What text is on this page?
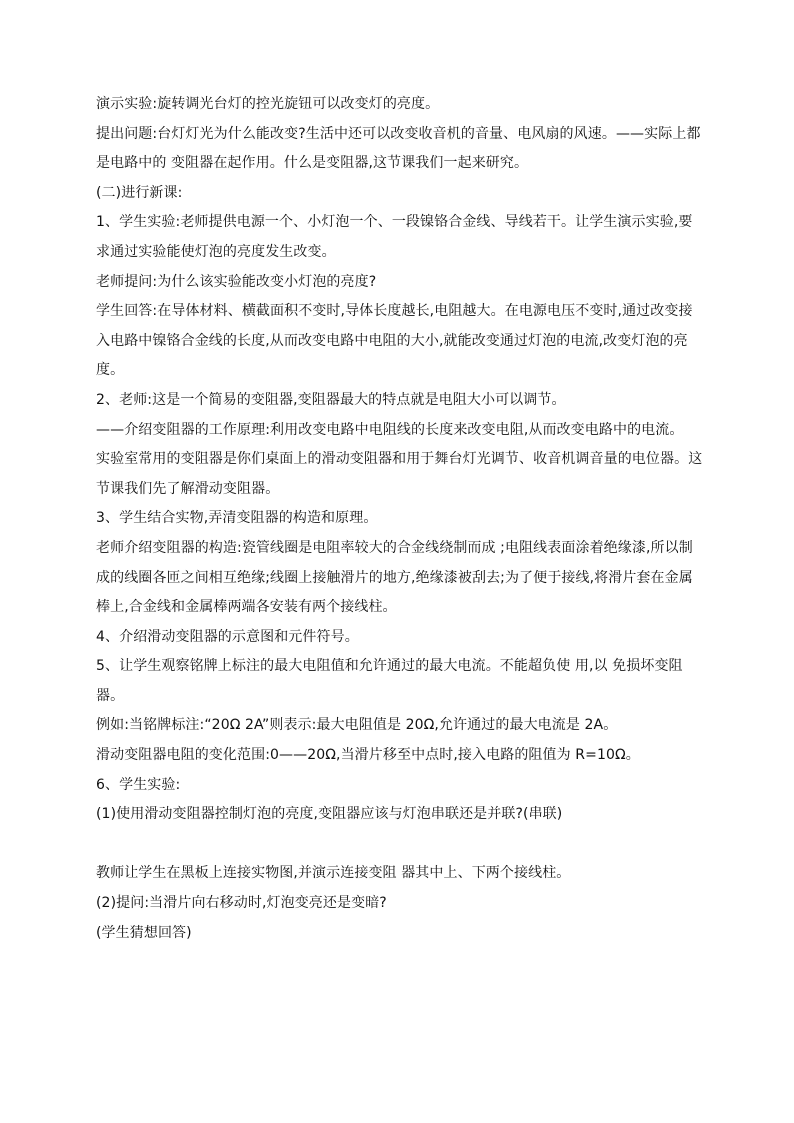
演示实验:旋转调光台灯的控光旋钮可以改变灯的亮度。

提出问题:台灯灯光为什么能改变?生活中还可以改变收音机的音量、电风扇的风速。——实际上都是电路中的 变阻器在起作用。什么是变阻器,这节课我们一起来研究。

(二)进行新课:

1、学生实验:老师提供电源一个、小灯泡一个、一段镍铬合金线、导线若干。让学生演示实验,要求通过实验能使灯泡的亮度发生改变。

老师提问:为什么该实验能改变小灯泡的亮度?

学生回答:在导体材料、横截面积不变时,导体长度越长,电阻越大。在电源电压不变时,通过改变接入电路中镍铬合金线的长度,从而改变电路中电阻的大小,就能改变通过灯泡的电流,改变灯泡的亮度。

2、老师:这是一个简易的变阻器,变阻器最大的特点就是电阻大小可以调节。

——介绍变阻器的工作原理:利用改变电路中电阻线的长度来改变电阻,从而改变电路中的电流。

实验室常用的变阻器是你们桌面上的滑动变阻器和用于舞台灯光调节、收音机调音量的电位器。这节课我们先了解滑动变阻器。

3、学生结合实物,弄清变阻器的构造和原理。

老师介绍变阻器的构造:瓷管线圈是电阻率较大的合金线绕制而成 ;电阻线表面涂着绝缘漆,所以制成的线圈各匝之间相互绝缘;线圈上接触滑片的地方,绝缘漆被刮去;为了便于接线,将滑片套在金属棒上,合金线和金属棒两端各安装有两个接线柱。

4、介绍滑动变阻器的示意图和元件符号。

5、让学生观察铭牌上标注的最大电阻值和允许通过的最大电流。不能超负使 用,以 免损坏变阻器。

例如:当铭牌标注:“20Ω 2A”则表示:最大电阻值是 20Ω,允许通过的最大电流是 2A。

滑动变阻器电阻的变化范围:0——20Ω,当滑片移至中点时,接入电路的阻值为 R=10Ω。

6、学生实验:

(1)使用滑动变阻器控制灯泡的亮度,变阻器应该与灯泡串联还是并联?(串联)

教师让学生在黑板上连接实物图,并演示连接变阻 器其中上、下两个接线柱。

(2)提问:当滑片向右移动时,灯泡变亮还是变暗?

(学生猜想回答)
